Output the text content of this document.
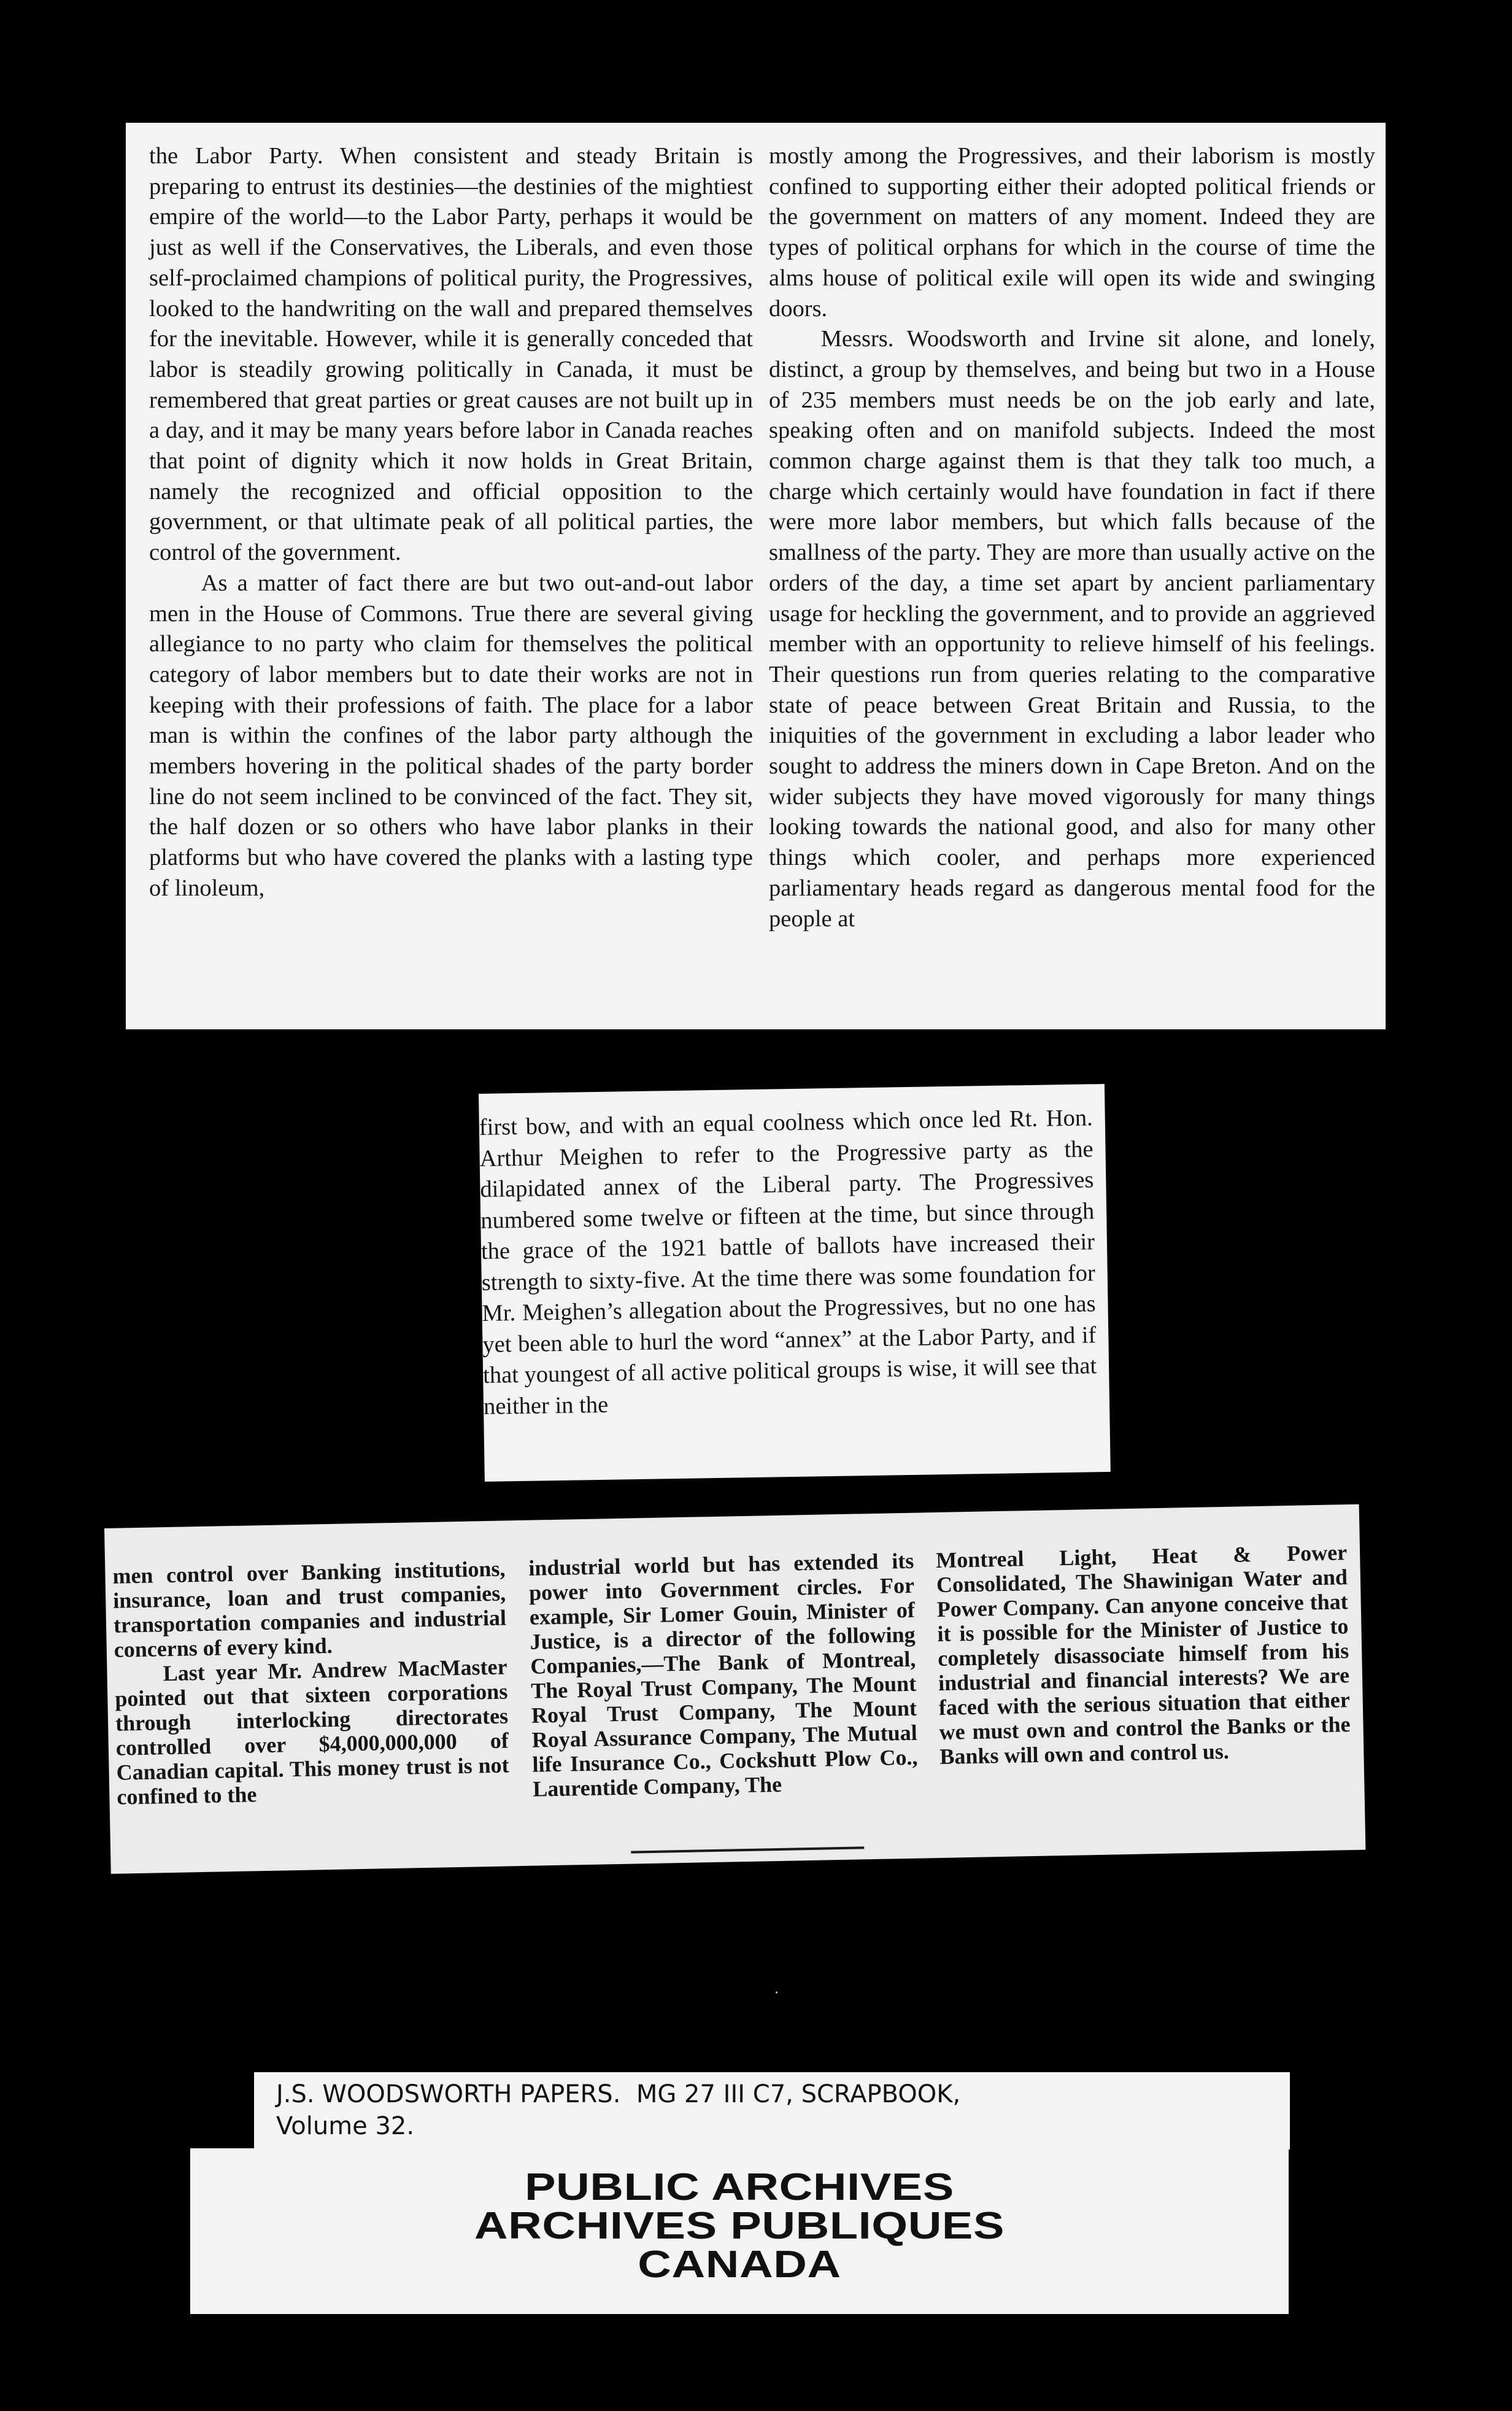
the Labor Party. When consistent and steady Britain is preparing to entrust its destinies—the destinies of the mightiest empire of the world—to the Labor Party, perhaps it would be just as well if the Conservatives, the Liberals, and even those self-proclaimed champions of political purity, the Progressives, looked to the handwriting on the wall and prepared themselves for the inevitable. However, while it is generally conceded that labor is steadily growing politically in Canada, it must be remembered that great parties or great causes are not built up in a day, and it may be many years before labor in Canada reaches that point of dignity which it now holds in Great Britain, namely the recognized and official opposition to the government, or that ultimate peak of all political parties, the control of the government.

As a matter of fact there are but two out-and-out labor men in the House of Commons. True there are several giving allegiance to no party who claim for themselves the political category of labor members but to date their works are not in keeping with their professions of faith. The place for a labor man is within the confines of the labor party although the members hovering in the political shades of the party border line do not seem inclined to be convinced of the fact. They sit, the half dozen or so others who have labor planks in their platforms but who have covered the planks with a lasting type of linoleum,

mostly among the Progressives, and their laborism is mostly confined to supporting either their adopted political friends or the government on matters of any moment. Indeed they are types of political orphans for which in the course of time the alms house of political exile will open its wide and swinging doors.

Messrs. Woodsworth and Irvine sit alone, and lonely, distinct, a group by themselves, and being but two in a House of 235 members must needs be on the job early and late, speaking often and on manifold subjects. Indeed the most common charge against them is that they talk too much, a charge which certainly would have foundation in fact if there were more labor members, but which falls because of the smallness of the party. They are more than usually active on the orders of the day, a time set apart by ancient parliamentary usage for heckling the government, and to provide an aggrieved member with an opportunity to relieve himself of his feelings. Their questions run from queries relating to the comparative state of peace between Great Britain and Russia, to the iniquities of the government in excluding a labor leader who sought to address the miners down in Cape Breton. And on the wider subjects they have moved vigorously for many things looking towards the national good, and also for many other things which cooler, and perhaps more experienced parliamentary heads regard as dangerous mental food for the people at

first bow, and with an equal coolness which once led Rt. Hon. Arthur Meighen to refer to the Progressive party as the dilapidated annex of the Liberal party. The Progressives numbered some twelve or fifteen at the time, but since through the grace of the 1921 battle of ballots have increased their strength to sixty-five. At the time there was some foundation for Mr. Meighen’s allegation about the Progressives, but no one has yet been able to hurl the word “annex” at the Labor Party, and if that youngest of all active political groups is wise, it will see that neither in the

men control over Banking institutions, insurance, loan and trust companies, transportation companies and industrial concerns of every kind.

Last year Mr. Andrew MacMaster pointed out that sixteen corporations through interlocking directorates controlled over $4,000,000,000 of Canadian capital. This money trust is not confined to the

industrial world but has extended its power into Government circles. For example, Sir Lomer Gouin, Minister of Justice, is a director of the following Companies,—The Bank of Montreal, The Royal Trust Company, The Mount Royal Trust Company, The Mount Royal Assurance Company, The Mutual life Insurance Co., Cockshutt Plow Co., Laurentide Company, The

Montreal Light, Heat & Power Consolidated, The Shawinigan Water and Power Company. Can anyone conceive that it is possible for the Minister of Justice to completely disassociate himself from his industrial and financial interests? We are faced with the serious situation that either we must own and control the Banks or the Banks will own and control us.

·
J.S. WOODSWORTH PAPERS.  MG 27 III C7, SCRAPBOOK,
Volume 32.
PUBLIC ARCHIVES
ARCHIVES PUBLIQUES
CANADA
